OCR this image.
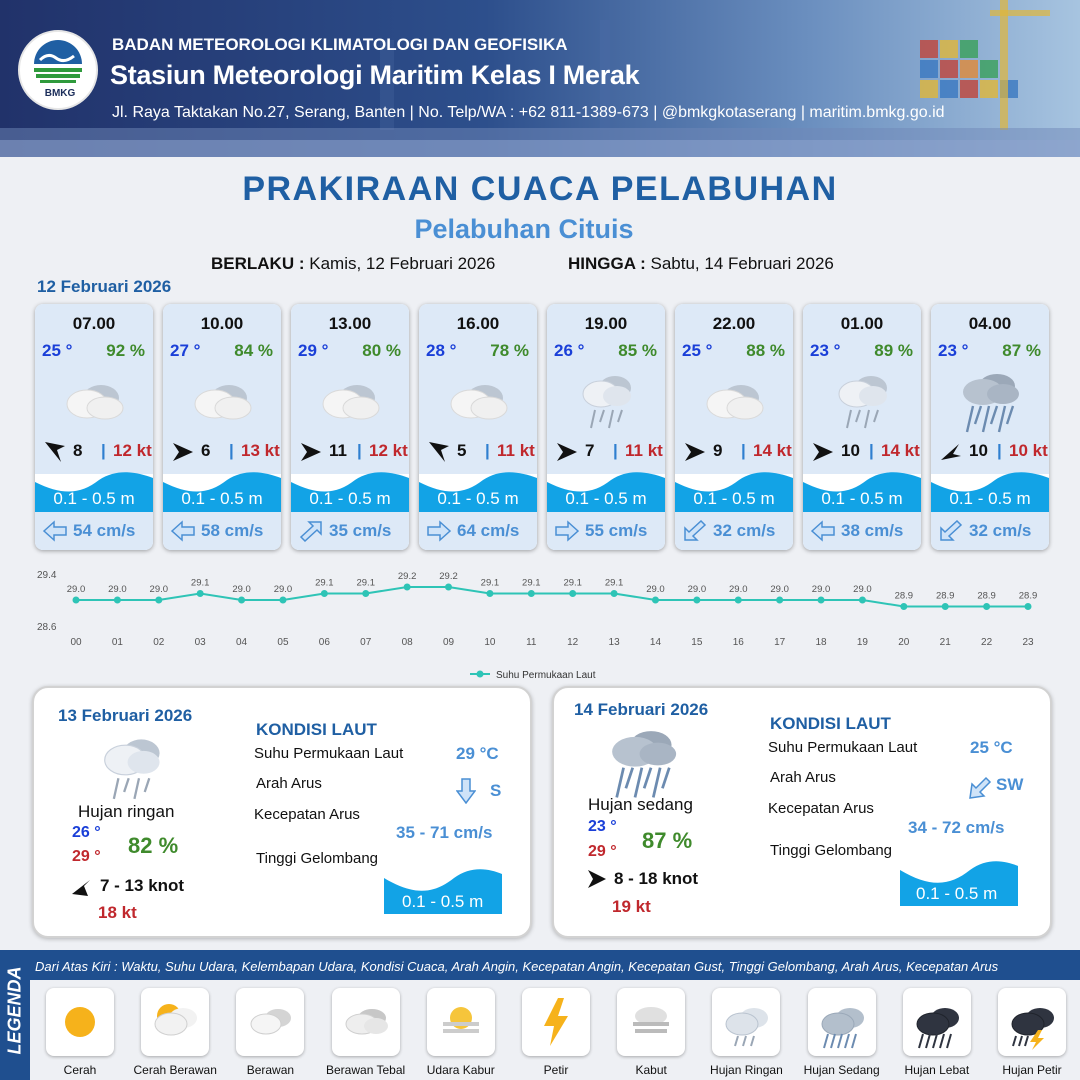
BMKG
BADAN METEOROLOGI KLIMATOLOGI DAN GEOFISIKA
Stasiun Meteorologi Maritim Kelas I Merak
Jl. Raya Taktakan No.27, Serang, Banten | No. Telp/WA : +62 811-1389-673 | @bmkgkotaserang | maritim.bmkg.go.id
PRAKIRAAN CUACA PELABUHAN
Pelabuhan Cituis
BERLAKU : Kamis, 12 Februari 2026	HINGGA : Sabtu, 14 Februari 2026
12 Februari 2026
07.00
25 ° 92 %
8 | 12 kt
0.1 - 0.5 m
54 cm/s
10.00
27 ° 84 %
6 | 13 kt
0.1 - 0.5 m
58 cm/s
13.00
29 ° 80 %
11 | 12 kt
0.1 - 0.5 m
35 cm/s
16.00
28 ° 78 %
5 | 11 kt
0.1 - 0.5 m
64 cm/s
19.00
26 ° 85 %
7 | 11 kt
0.1 - 0.5 m
55 cm/s
22.00
25 ° 88 %
9 | 14 kt
0.1 - 0.5 m
32 cm/s
01.00
23 ° 89 %
10 | 14 kt
0.1 - 0.5 m
38 cm/s
04.00
23 ° 87 %
10 | 10 kt
0.1 - 0.5 m
32 cm/s
29.4
28.6
29.0
00
29.0
01
29.0
02
29.1
03
29.0
04
29.0
05
29.1
06
29.1
07
29.2
08
29.2
09
29.1
10
29.1
11
29.1
12
29.1
13
29.0
14
29.0
15
29.0
16
29.0
17
29.0
18
29.0
19
28.9
20
28.9
21
28.9
22
28.9
23
Suhu Permukaan Laut
13 Februari 2026
Hujan ringan
26 °
29 ° 82 %
7 - 13 knot
18 kt
KONDISI LAUT
Suhu Permukaan Laut	29 °C
Arah Arus	S
Kecepatan Arus
35 - 71 cm/s
Tinggi Gelombang
0.1 - 0.5 m
14 Februari 2026
Hujan sedang
23 °
29 ° 87 %
8 - 18 knot
19 kt
KONDISI LAUT
Suhu Permukaan Laut	25 °C
Arah Arus	SW
Kecepatan Arus
34 - 72 cm/s
Tinggi Gelombang
0.1 - 0.5 m
LEGENDA Dari Atas Kiri : Waktu, Suhu Udara, Kelembapan Udara, Kondisi Cuaca, Arah Angin, Kecepatan Angin, Kecepatan Gust, Tinggi Gelombang, Arah Arus, Kecepatan Arus
Cerah	Cerah Berawan	Berawan	Berawan Tebal	Udara Kabur	Petir	Kabut	Hujan Ringan	Hujan Sedang	Hujan Lebat	Hujan Petir
